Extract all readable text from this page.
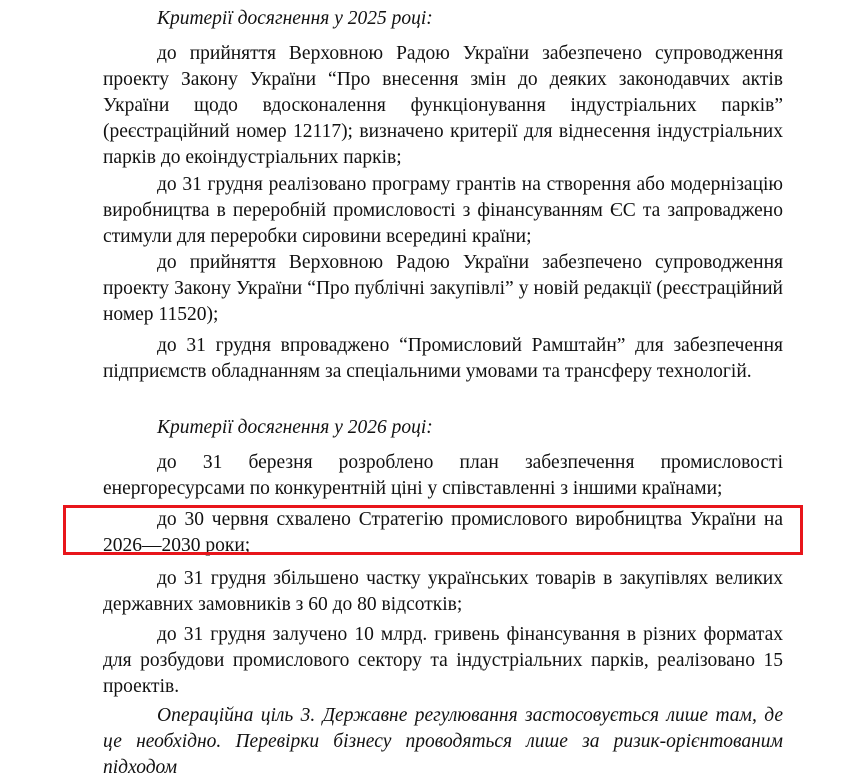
Критерії досягнення у 2025 році:
до прийняття Верховною Радою України забезпечено супроводження проекту Закону України “Про внесення змін до деяких законодавчих актів України щодо вдосконалення функціонування індустріальних парків” (реєстраційний номер 12117); визначено критерії для віднесення індустріальних парків до екоіндустріальних парків;
до 31 грудня реалізовано програму грантів на створення або модернізацію виробництва в переробній промисловості з фінансуванням ЄС та запроваджено стимули для переробки сировини всередині країни;
до прийняття Верховною Радою України забезпечено супроводження проекту Закону України “Про публічні закупівлі” у новій редакції (реєстраційний номер 11520);
до 31 грудня впроваджено “Промисловий Рамштайн” для забезпечення підприємств обладнанням за спеціальними умовами та трансферу технологій.
Критерії досягнення у 2026 році:
до 31 березня розроблено план забезпечення промисловості енергоресурсами по конкурентній ціні у співставленні з іншими країнами;
до 30 червня схвалено Стратегію промислового виробництва України на 2026—2030 роки;
до 31 грудня збільшено частку українських товарів в закупівлях великих державних замовників з 60 до 80 відсотків;
до 31 грудня залучено 10 млрд. гривень фінансування в різних форматах для розбудови промислового сектору та індустріальних парків, реалізовано 15 проектів.
Операційна ціль 3. Державне регулювання застосовується лише там, де це необхідно. Перевірки бізнесу проводяться лише за ризик-орієнтованим підходом
